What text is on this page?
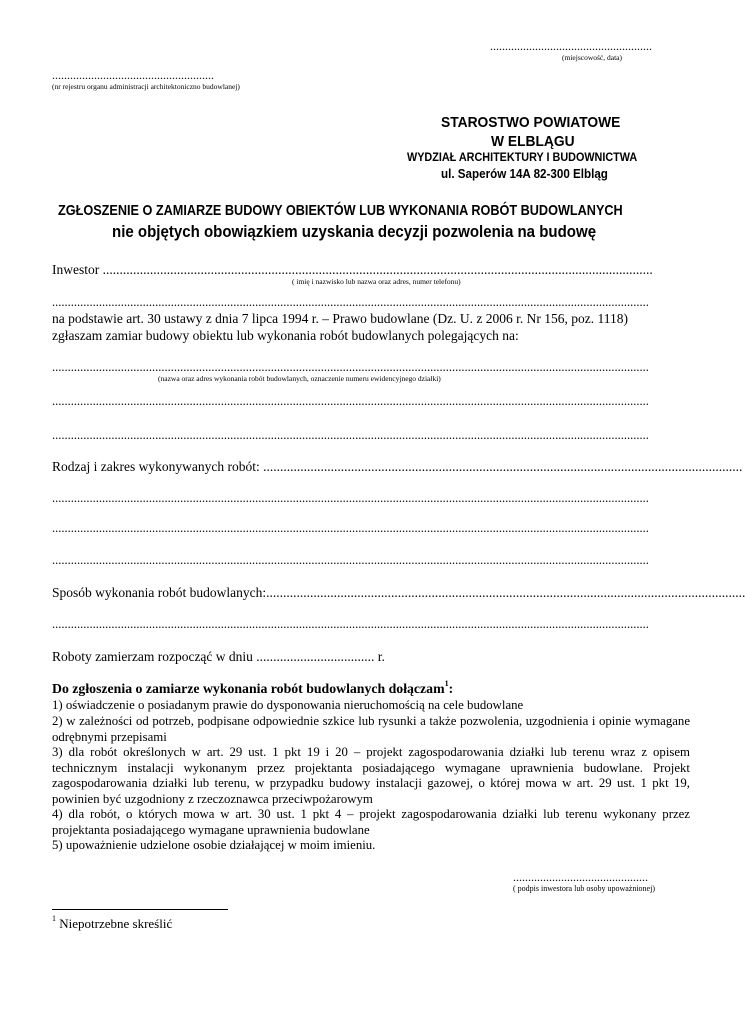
......................................................
(miejscowość, data)
......................................................
(nr rejestru organu administracji architektoniczno budowlanej)
STAROSTWO POWIATOWE
W ELBLĄGU
WYDZIAŁ ARCHITEKTURY I BUDOWNICTWA
ul. Saperów 14A 82-300 Elbląg
ZGŁOSZENIE O ZAMIARZE BUDOWY OBIEKTÓW LUB WYKONANIA ROBÓT BUDOWLANYCH
nie objętych obowiązkiem uzyskania decyzji pozwolenia na budowę
Inwestor ...................................................................................................................................................................
( imię i nazwisko lub nazwa oraz adres, numer telefonu)
...............................................................................................................................................................................................
na podstawie art. 30 ustawy z dnia 7 lipca 1994 r. – Prawo budowlane (Dz. U. z 2006 r. Nr 156, poz. 1118)
zgłaszam zamiar budowy obiektu lub wykonania robót budowlanych polegających na:
...............................................................................................................................................................................................
(nazwa oraz adres wykonania robót budowlanych, oznaczenie numeru ewidencyjnego działki)
...............................................................................................................................................................................................
...............................................................................................................................................................................................
Rodzaj i zakres wykonywanych robót: ..............................................................................................................................................
...............................................................................................................................................................................................
...............................................................................................................................................................................................
...............................................................................................................................................................................................
Sposób wykonania robót budowlanych:..............................................................................................................................................
...............................................................................................................................................................................................
Roboty zamierzam rozpocząć w dniu ................................... r.
Do zgłoszenia o zamiarze wykonania robót budowlanych dołączam$^1$:
1) oświadczenie o posiadanym prawie do dysponowania nieruchomością na cele budowlane
2) w zależności od potrzeb, podpisane odpowiednie szkice lub rysunki a także pozwolenia, uzgodnienia i opinie wymagane odrębnymi przepisami
3) dla robót określonych w art. 29 ust. 1 pkt 19 i 20 – projekt zagospodarowania działki lub terenu wraz z opisem technicznym instalacji wykonanym przez projektanta posiadającego wymagane uprawnienia budowlane. Projekt zagospodarowania działki lub terenu, w przypadku budowy instalacji gazowej, o której mowa w art. 29 ust. 1 pkt 19, powinien być uzgodniony z rzeczoznawca przeciwpożarowym
4) dla robót, o których mowa w art. 30 ust. 1 pkt 4 – projekt zagospodarowania działki lub terenu wykonany przez projektanta posiadającego wymagane uprawnienia budowlane
5) upoważnienie udzielone osobie działającej w moim imieniu.
.............................................
( podpis inwestora lub osoby upoważnionej)
$^1$ Niepotrzebne skreślić
